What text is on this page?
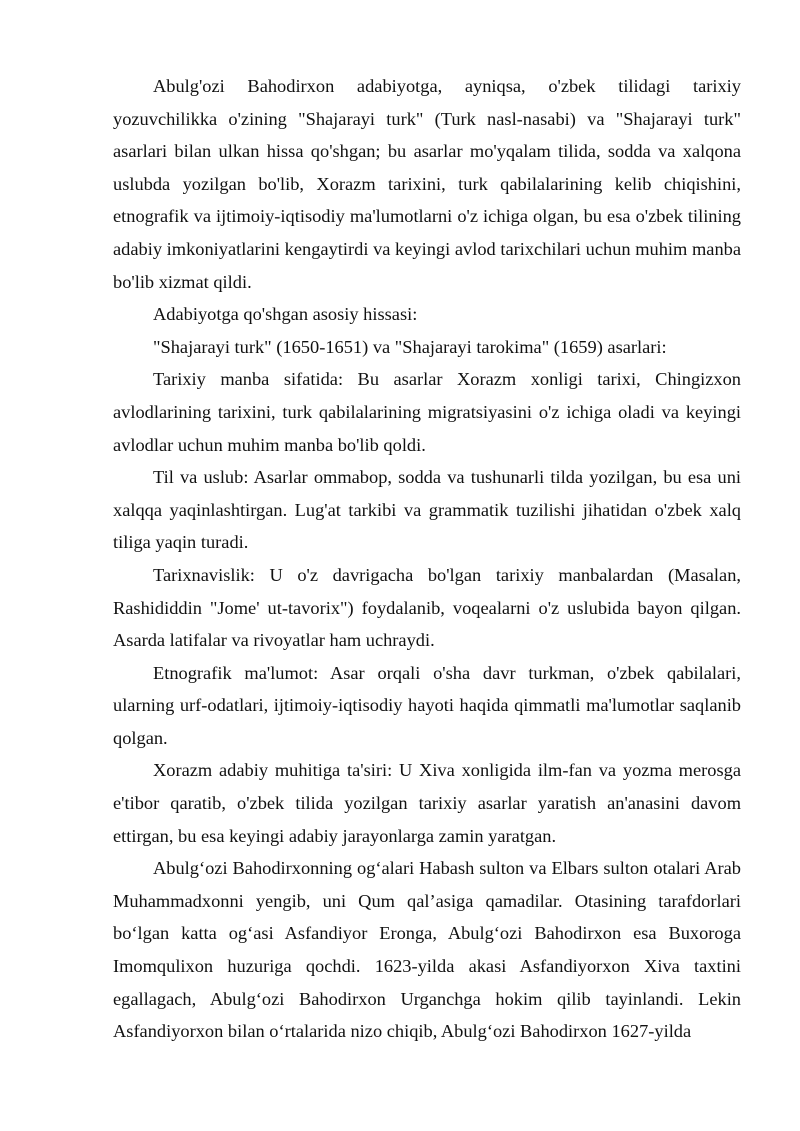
Abulg'ozi Bahodirxon adabiyotga, ayniqsa, o'zbek tilidagi tarixiy yozuvchilikka o'zining "Shajarayi turk" (Turk nasl-nasabi) va "Shajarayi turk" asarlari bilan ulkan hissa qo'shgan; bu asarlar mo'yqalam tilida, sodda va xalqona uslubda yozilgan bo'lib, Xorazm tarixini, turk qabilalarining kelib chiqishini, etnografik va ijtimoiy-iqtisodiy ma'lumotlarni o'z ichiga olgan, bu esa o'zbek tilining adabiy imkoniyatlarini kengaytirdi va keyingi avlod tarixchilari uchun muhim manba bo'lib xizmat qildi.

Adabiyotga qo'shgan asosiy hissasi:

"Shajarayi turk" (1650-1651) va "Shajarayi tarokima" (1659) asarlari:

Tarixiy manba sifatida: Bu asarlar Xorazm xonligi tarixi, Chingizxon avlodlarining tarixini, turk qabilalarining migratsiyasini o'z ichiga oladi va keyingi avlodlar uchun muhim manba bo'lib qoldi.

Til va uslub: Asarlar ommabop, sodda va tushunarli tilda yozilgan, bu esa uni xalqqa yaqinlashtirgan. Lug'at tarkibi va grammatik tuzilishi jihatidan o'zbek xalq tiliga yaqin turadi.

Tarixnavislik: U o'z davrigacha bo'lgan tarixiy manbalardan (Masalan, Rashididdin "Jome' ut-tavorix") foydalanib, voqealarni o'z uslubida bayon qilgan. Asarda latifalar va rivoyatlar ham uchraydi.

Etnografik ma'lumot: Asar orqali o'sha davr turkman, o'zbek qabilalari, ularning urf-odatlari, ijtimoiy-iqtisodiy hayoti haqida qimmatli ma'lumotlar saqlanib qolgan.

Xorazm adabiy muhitiga ta'siri: U Xiva xonligida ilm-fan va yozma merosga e'tibor qaratib, o'zbek tilida yozilgan tarixiy asarlar yaratish an'anasini davom ettirgan, bu esa keyingi adabiy jarayonlarga zamin yaratgan.

Abulg‘ozi Bahodirxonning og‘alari Habash sulton va Elbars sulton otalari Arab Muhammadxonni yengib, uni Qum qal’asiga qamadilar. Otasining tarafdorlari bo‘lgan katta og‘asi Asfandiyor Eronga, Abulg‘ozi Bahodirxon esa Buxoroga Imomqulixon huzuriga qochdi. 1623-yilda akasi Asfandiyorxon Xiva taxtini egallagach, Abulg‘ozi Bahodirxon Urganchga hokim qilib tayinlandi. Lekin Asfandiyorxon bilan o‘rtalarida nizo chiqib, Abulg‘ozi Bahodirxon 1627-yilda
